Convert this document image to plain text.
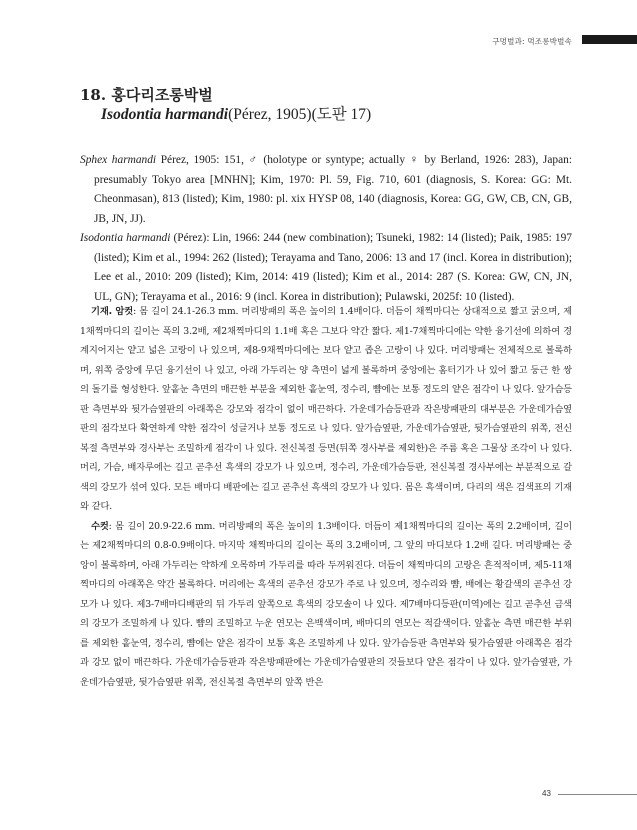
구멍벌과: 먹조롱박벌속
18. 홍다리조롱박벌
Isodontia harmandi(Pérez, 1905)(도판 17)

Sphex harmandi Pérez, 1905: 151, ♂ (holotype or syntype; actually ♀ by Berland, 1926: 283), Japan: presumably Tokyo area [MNHN]; Kim, 1970: Pl. 59, Fig. 710, 601 (diagnosis, S. Korea: GG: Mt. Cheonmasan), 813 (listed); Kim, 1980: pl. xix HYSP 08, 140 (diagnosis, Korea: GG, GW, CB, CN, GB, JB, JN, JJ).

Isodontia harmandi (Pérez): Lin, 1966: 244 (new combination); Tsuneki, 1982: 14 (listed); Paik, 1985: 197 (listed); Kim et al., 1994: 262 (listed); Terayama and Tano, 2006: 13 and 17 (incl. Korea in distribution); Lee et al., 2010: 209 (listed); Kim, 2014: 419 (listed); Kim et al., 2014: 287 (S. Korea: GW, CN, JN, UL, GN); Terayama et al., 2016: 9 (incl. Korea in distribution); Pulawski, 2025f: 10 (listed).

기재. 암컷: 몸 길이 24.1-26.3 mm. 머리방패의 폭은 높이의 1.4배이다. 더듬이 채찍마디는 상대적으로 짧고 굵으며, 제1채찍마디의 길이는 폭의 3.2배, 제2채찍마디의 1.1배 혹은 그보다 약간 짧다. 제1-7채찍마디에는 약한 융기선에 의하여 경계지어지는 얕고 넓은 고랑이 나 있으며, 제8-9채찍마디에는 보다 얕고 좁은 고랑이 나 있다. 머리방패는 전체적으로 볼록하며, 위쪽 중앙에 무딘 융기선이 나 있고, 아래 가두리는 양 측면이 넓게 볼록하며 중앙에는 홈터기가 나 있어 짧고 둥근 한 쌍의 돌기를 형성한다. 앞홑눈 측면의 매끈한 부분을 제외한 홑눈역, 정수리, 뺨에는 보통 정도의 얕은 점각이 나 있다. 앞가슴등판 측면부와 뒷가슴옆판의 아래쪽은 강모와 점각이 없이 매끈하다. 가운데가슴등판과 작은방패판의 대부분은 가운데가슴옆판의 점각보다 확연하게 약한 점각이 성글거나 보통 정도로 나 있다. 앞가슴옆판, 가운데가슴옆판, 뒷가슴옆판의 위쪽, 전신복절 측면부와 경사부는 조밀하게 점각이 나 있다. 전신복절 등면(뒤쪽 경사부를 제외한)은 주름 혹은 그물상 조각이 나 있다. 머리, 가슴, 배자루에는 길고 곧추선 흑색의 강모가 나 있으며, 정수리, 가운데가슴등판, 전신복절 경사부에는 부분적으로 갈색의 강모가 섞여 있다. 모든 배마디 배판에는 길고 곧추선 흑색의 강모가 나 있다. 몸은 흑색이며, 다리의 색은 검색표의 기재와 같다.

수컷: 몸 길이 20.9-22.6 mm. 머리방패의 폭은 높이의 1.3배이다. 더듬이 제1채찍마디의 길이는 폭의 2.2배이며, 길이는 제2채찍마디의 0.8-0.9배이다. 마지막 채찍마디의 길이는 폭의 3.2배이며, 그 앞의 마디보다 1.2배 길다. 머리방패는 중앙이 볼록하며, 아래 가두리는 약하게 오목하며 가두리를 따라 두꺼워진다. 더듬이 채찍마디의 고랑은 흔적적이며, 제5-11채찍마디의 아래쪽은 약간 볼록하다. 머리에는 흑색의 곧추선 강모가 주로 나 있으며, 정수리와 뺨, 배에는 황갈색의 곧추선 강모가 나 있다. 제3-7배마디배판의 뒤 가두리 앞쪽으로 흑색의 강모솔이 나 있다. 제7배마디등판(미역)에는 길고 곧추선 금색의 강모가 조밀하게 나 있다. 뺨의 조밀하고 누운 연모는 은백색이며, 배마디의 연모는 적갈색이다. 앞홑눈 측면 매끈한 부위를 제외한 홑눈역, 정수리, 뺨에는 얕은 점각이 보통 혹은 조밀하게 나 있다. 앞가슴등판 측면부와 뒷가슴옆판 아래쪽은 점각과 강모 없이 매끈하다. 가운데가슴등판과 작은방패판에는 가운데가슴옆판의 것들보다 얕은 점각이 나 있다. 앞가슴옆판, 가운데가슴옆판, 뒷가슴옆판 위쪽, 전신복절 측면부의 앞쪽 반은

43
